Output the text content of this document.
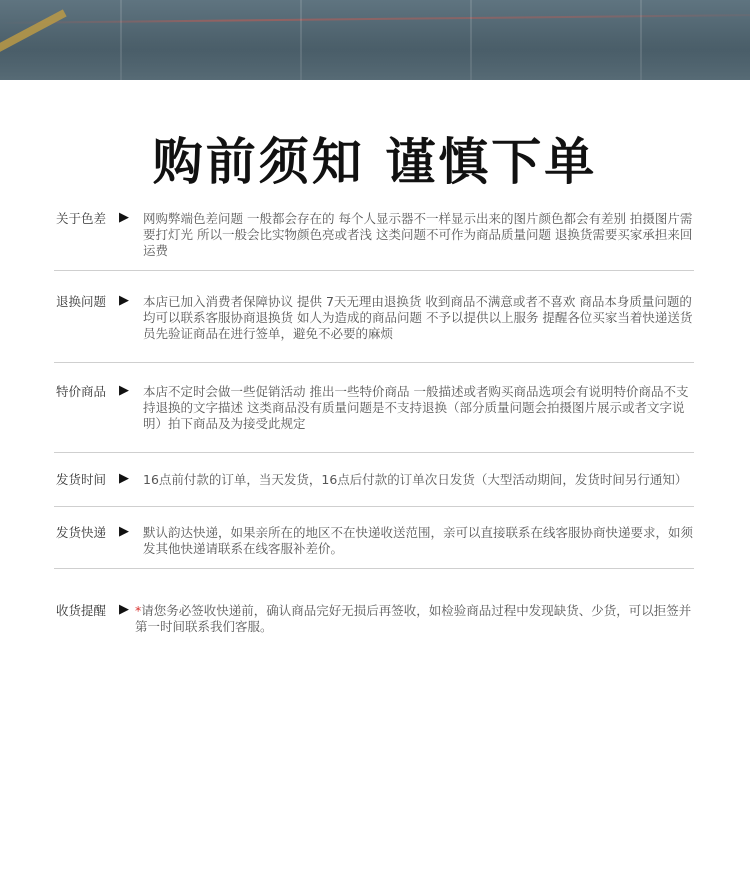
购前须知 谨慎下单
关于色差 ▶	网购弊端色差问题 一般都会存在的 每个人显示器不一样显示出来的图片颜色都会有差别 拍摄图片需要打灯光 所以一般会比实物颜色亮或者浅 这类问题不可作为商品质量问题 退换货需要买家承担来回运费
退换问题 ▶	本店已加入消费者保障协议 提供 7天无理由退换货 收到商品不满意或者不喜欢 商品本身质量问题的均可以联系客服协商退换货 如人为造成的商品问题 不予以提供以上服务 提醒各位买家当着快递送货员先验证商品在进行签单，避免不必要的麻烦
特价商品 ▶	本店不定时会做一些促销活动 推出一些特价商品 一般描述或者购买商品选项会有说明特价商品不支持退换的文字描述 这类商品没有质量问题是不支持退换（部分质量问题会拍摄图片展示或者文字说明）拍下商品及为接受此规定
发货时间 ▶	16点前付款的订单，当天发货，16点后付款的订单次日发货（大型活动期间，发货时间另行通知）
发货快递 ▶	默认韵达快递，如果亲所在的地区不在快递收送范围，亲可以直接联系在线客服协商快递要求，如须发其他快递请联系在线客服补差价。
收货提醒 ▶ *请您务必签收快递前，确认商品完好无损后再签收，如检验商品过程中发现缺货、少货，可以拒签并第一时间联系我们客服。
